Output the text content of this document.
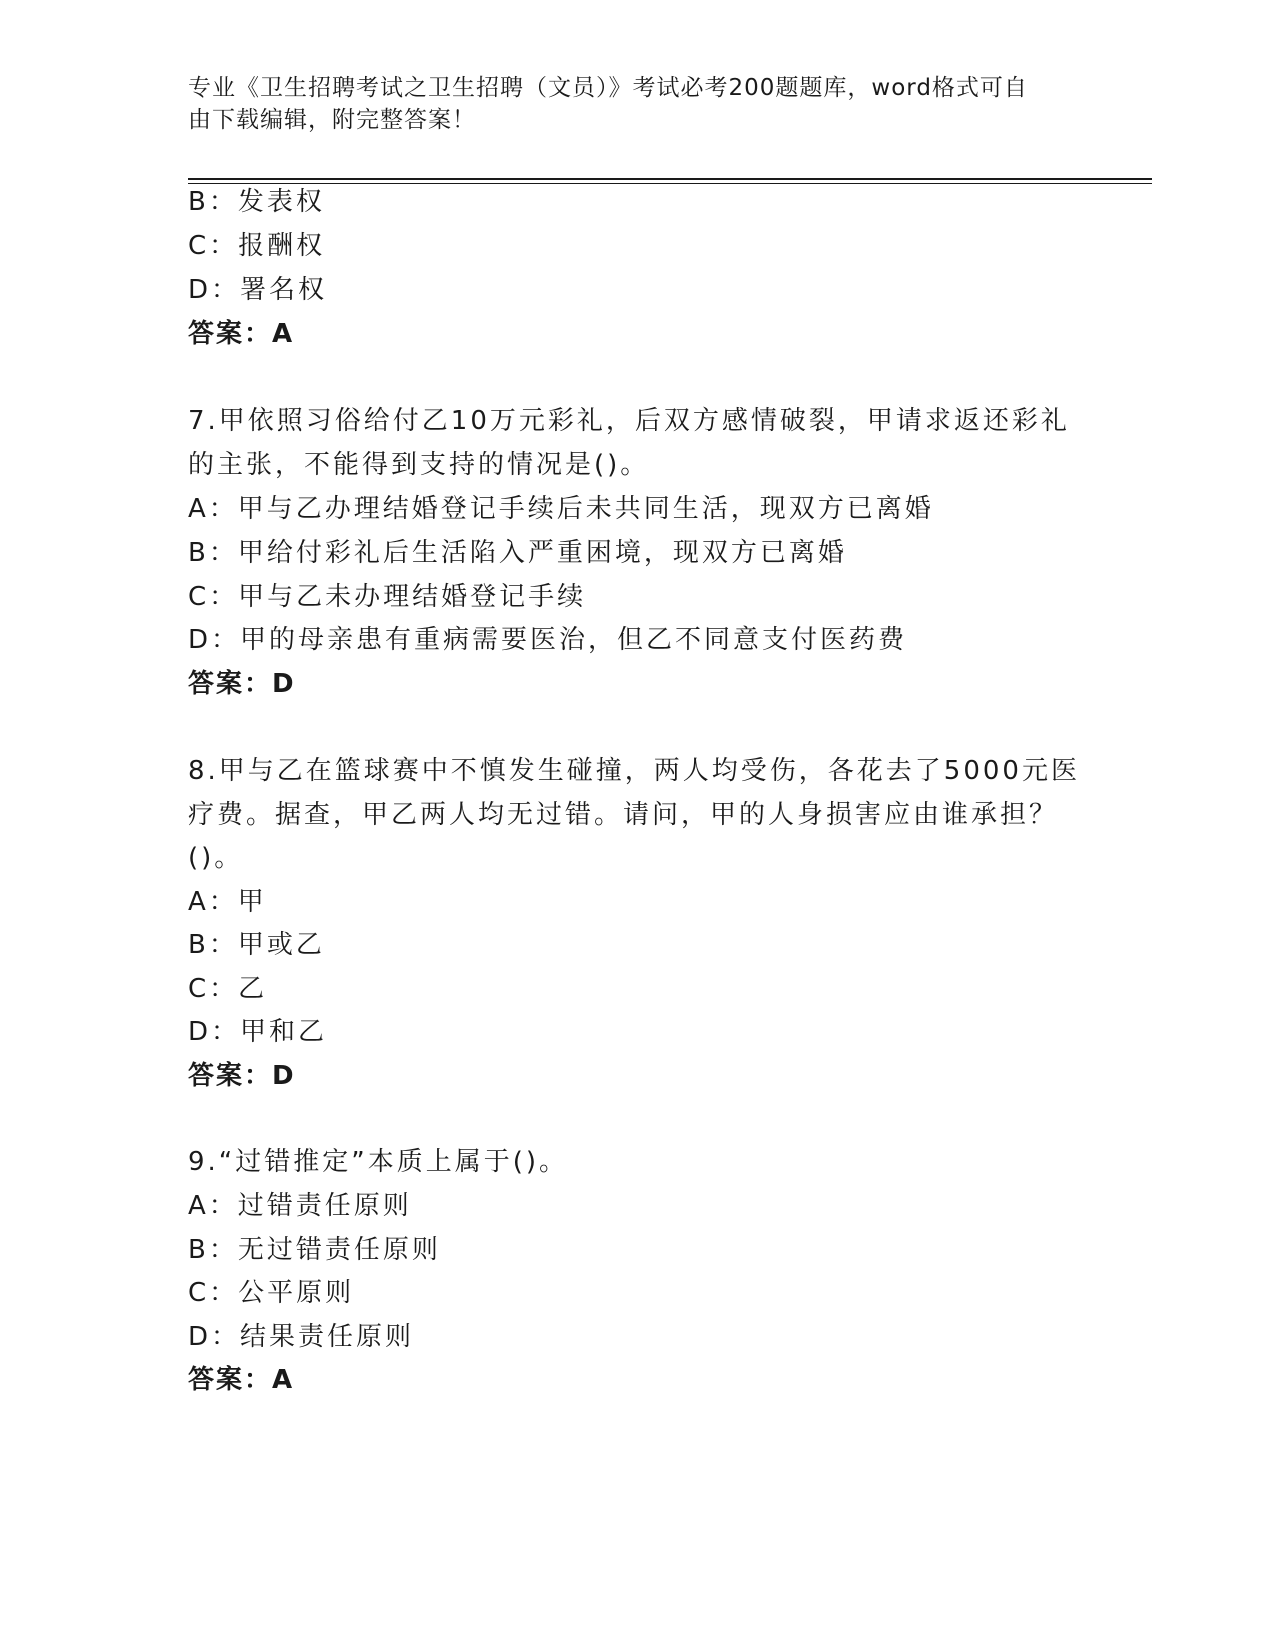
专业《卫生招聘考试之卫生招聘（文员）》考试必考200题题库，word格式可自
由下载编辑，附完整答案！
B：发表权
C：报酬权
D：署名权
答案：A
7.甲依照习俗给付乙10万元彩礼，后双方感情破裂，甲请求返还彩礼
的主张，不能得到支持的情况是()。
A：甲与乙办理结婚登记手续后未共同生活，现双方已离婚
B：甲给付彩礼后生活陷入严重困境，现双方已离婚
C：甲与乙未办理结婚登记手续
D：甲的母亲患有重病需要医治，但乙不同意支付医药费
答案：D
8.甲与乙在篮球赛中不慎发生碰撞，两人均受伤，各花去了5000元医
疗费。据查，甲乙两人均无过错。请问，甲的人身损害应由谁承担？
()。
A：甲
B：甲或乙
C：乙
D：甲和乙
答案：D
9.“过错推定”本质上属于()。
A：过错责任原则
B：无过错责任原则
C：公平原则
D：结果责任原则
答案：A
